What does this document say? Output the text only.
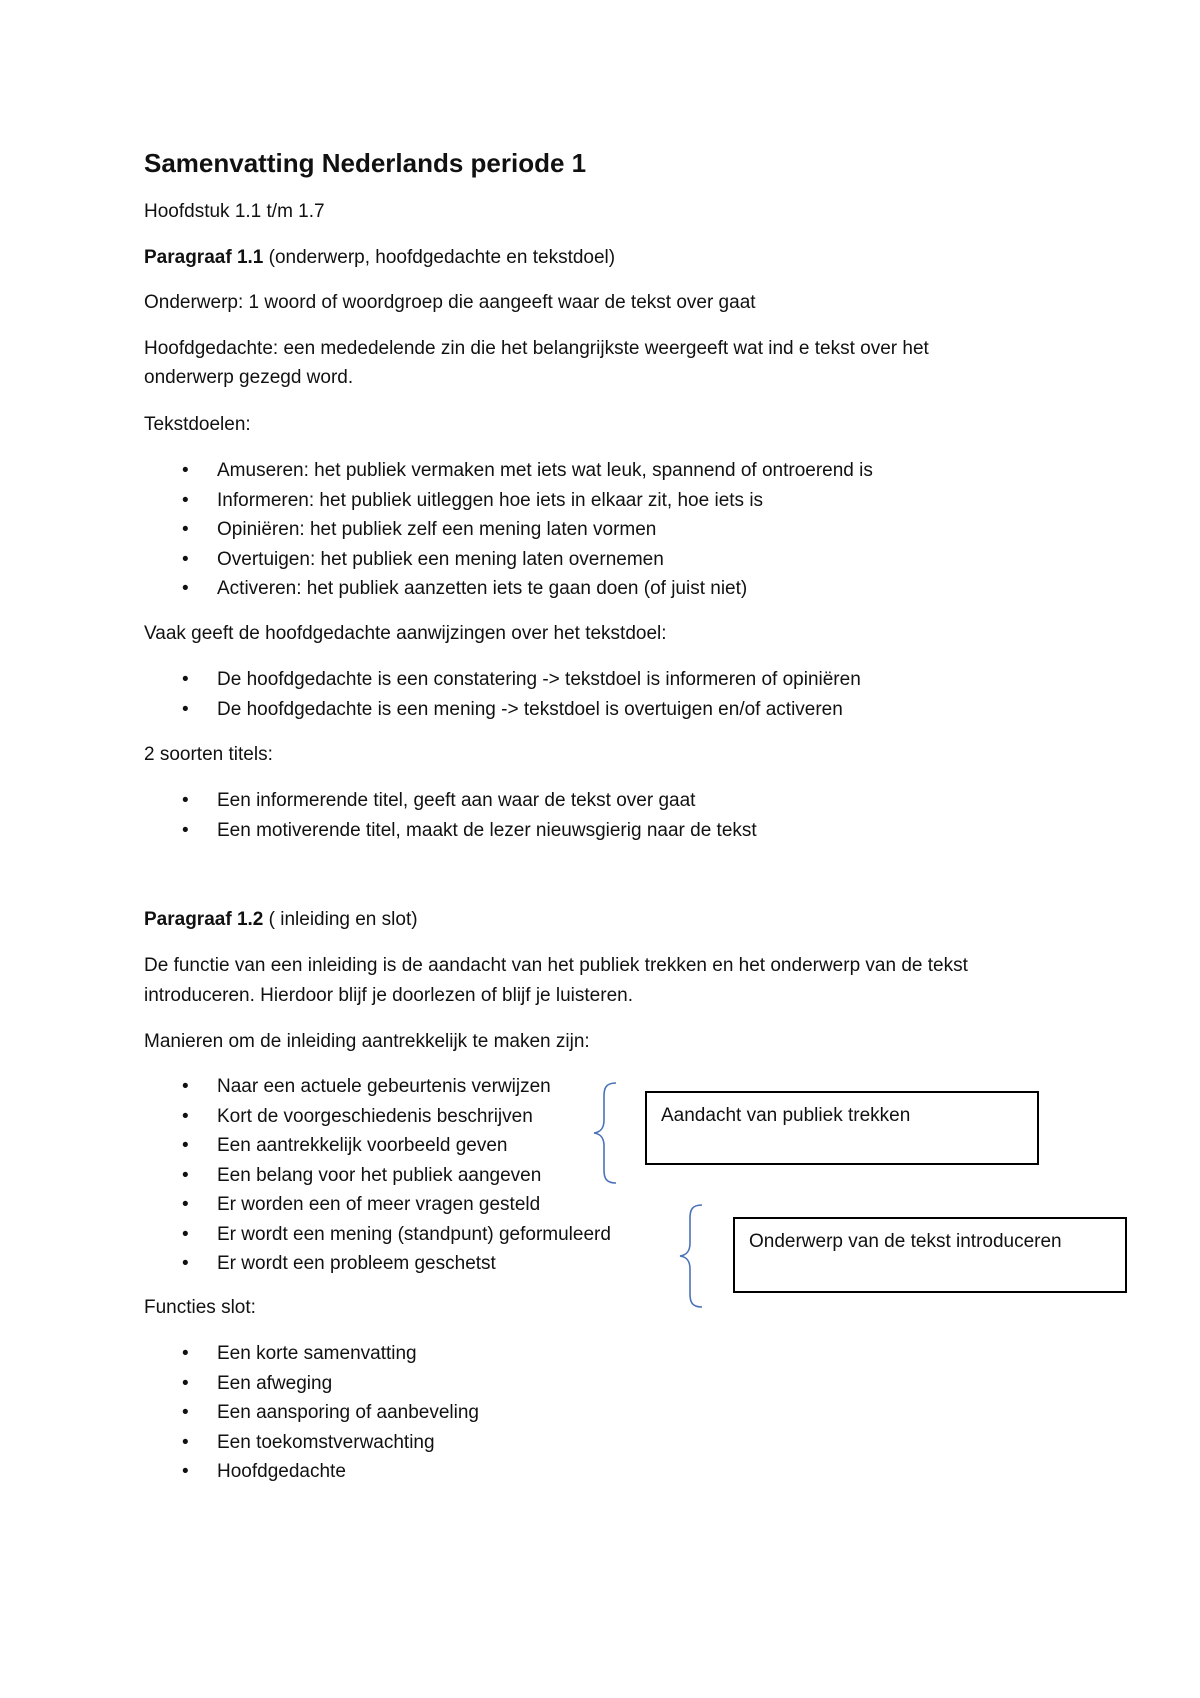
Samenvatting Nederlands periode 1
Hoofdstuk 1.1 t/m 1.7
Paragraaf 1.1 (onderwerp, hoofdgedachte en tekstdoel)
Onderwerp: 1 woord of woordgroep die aangeeft waar de tekst over gaat
Hoofdgedachte: een mededelende zin die het belangrijkste weergeeft wat ind e tekst over het
onderwerp gezegd word.
Tekstdoelen:
• Amuseren: het publiek vermaken met iets wat leuk, spannend of ontroerend is
• Informeren: het publiek uitleggen hoe iets in elkaar zit, hoe iets is
• Opiniëren: het publiek zelf een mening laten vormen
• Overtuigen: het publiek een mening laten overnemen
• Activeren: het publiek aanzetten iets te gaan doen (of juist niet)
Vaak geeft de hoofdgedachte aanwijzingen over het tekstdoel:
• De hoofdgedachte is een constatering -> tekstdoel is informeren of opiniëren
• De hoofdgedachte is een mening -> tekstdoel is overtuigen en/of activeren
2 soorten titels:
• Een informerende titel, geeft aan waar de tekst over gaat
• Een motiverende titel, maakt de lezer nieuwsgierig naar de tekst
Paragraaf 1.2 ( inleiding en slot)
De functie van een inleiding is de aandacht van het publiek trekken en het onderwerp van de tekst
introduceren. Hierdoor blijf je doorlezen of blijf je luisteren.
Manieren om de inleiding aantrekkelijk te maken zijn:
• Naar een actuele gebeurtenis verwijzen
• Kort de voorgeschiedenis beschrijven
• Een aantrekkelijk voorbeeld geven
• Een belang voor het publiek aangeven
• Er worden een of meer vragen gesteld
• Er wordt een mening (standpunt) geformuleerd
• Er wordt een probleem geschetst
Aandacht van publiek trekken
Onderwerp van de tekst introduceren
Functies slot:
• Een korte samenvatting
• Een afweging
• Een aansporing of aanbeveling
• Een toekomstverwachting
• Hoofdgedachte
